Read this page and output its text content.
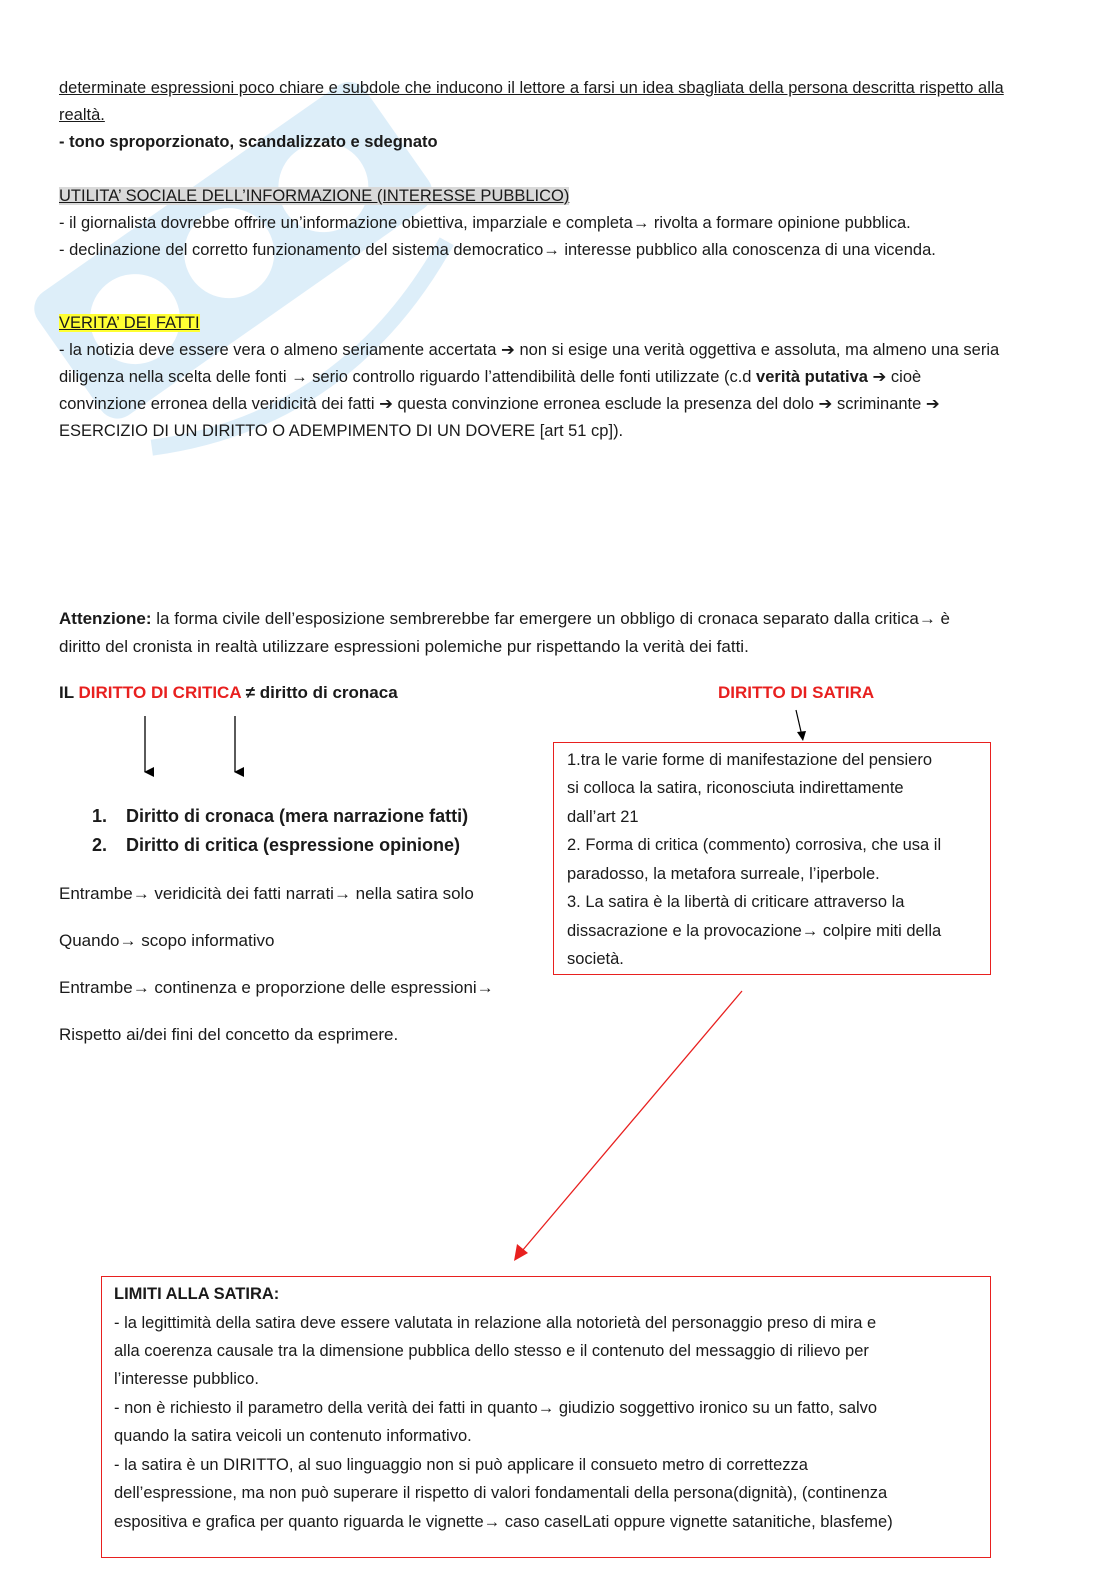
determinate espressioni poco chiare e subdole che inducono il lettore a farsi un idea sbagliata della persona descritta rispetto alla
realtà.
- tono sproporzionato, scandalizzato e sdegnato
UTILITA’ SOCIALE DELL’INFORMAZIONE (INTERESSE PUBBLICO)
- il giornalista dovrebbe offrire un’informazione obiettiva, imparziale e completa→ rivolta a formare opinione pubblica.
- declinazione del corretto funzionamento del sistema democratico→ interesse pubblico alla conoscenza di una vicenda.
VERITA’ DEI FATTI
- la notizia deve essere vera o almeno seriamente accertata ➔ non si esige una verità oggettiva e assoluta, ma almeno una seria
diligenza nella scelta delle fonti → serio controllo riguardo l’attendibilità delle fonti utilizzate (c.d verità putativa ➔ cioè
convinzione erronea della veridicità dei fatti ➔ questa convinzione erronea esclude la presenza del dolo ➔ scriminante ➔
ESERCIZIO DI UN DIRITTO O ADEMPIMENTO DI UN DOVERE [art 51 cp]).
Attenzione: la forma civile dell’esposizione sembrerebbe far emergere un obbligo di cronaca separato dalla critica→ è
diritto del cronista in realtà utilizzare espressioni polemiche pur rispettando la verità dei fatti.
IL DIRITTO DI CRITICA ≠ diritto di cronaca
1. Diritto di cronaca (mera narrazione fatti)
2. Diritto di critica (espressione opinione)
Entrambe→ veridicità dei fatti narrati→ nella satira solo
Quando→ scopo informativo
Entrambe→ continenza e proporzione delle espressioni→
Rispetto ai/dei fini del concetto da esprimere.
DIRITTO DI SATIRA
1.tra le varie forme di manifestazione del pensiero
si colloca la satira, riconosciuta indirettamente
dall’art 21
2. Forma di critica (commento) corrosiva, che usa il
paradosso, la metafora surreale, l’iperbole.
3. La satira è la libertà di criticare attraverso la
dissacrazione e la provocazione→ colpire miti della
società.
LIMITI ALLA SATIRA:
- la legittimità della satira deve essere valutata in relazione alla notorietà del personaggio preso di mira e
alla coerenza causale tra la dimensione pubblica dello stesso e il contenuto del messaggio di rilievo per
l’interesse pubblico.
- non è richiesto il parametro della verità dei fatti in quanto→ giudizio soggettivo ironico su un fatto, salvo
quando la satira veicoli un contenuto informativo.
- la satira è un DIRITTO, al suo linguaggio non si può applicare il consueto metro di correttezza
dell’espressione, ma non può superare il rispetto di valori fondamentali della persona(dignità), (continenza
espositiva e grafica per quanto riguarda le vignette→ caso caselLati oppure vignette satanitiche, blasfeme)
